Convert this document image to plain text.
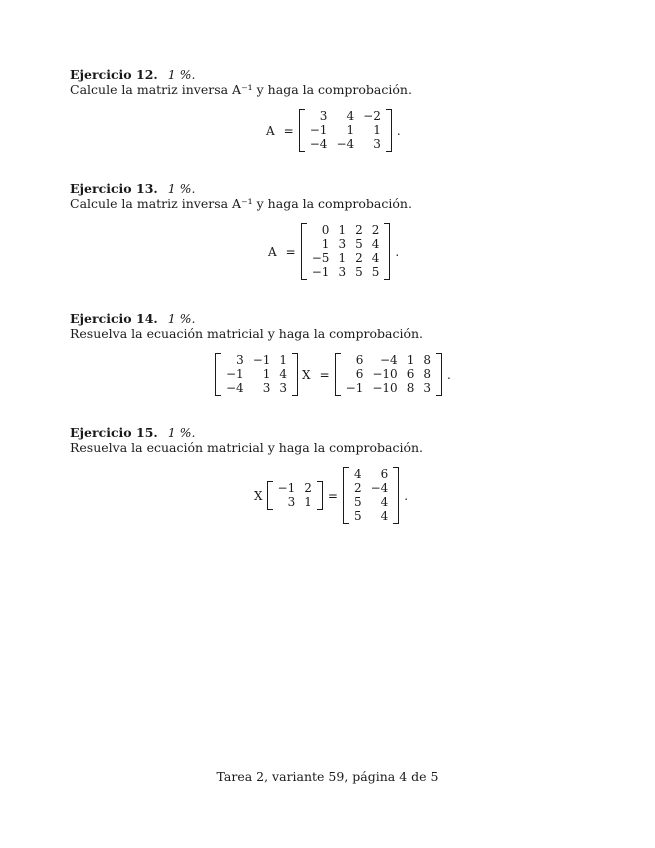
Ejercicio 12. 1 %.
Calcule la matriz inversa A⁻¹ y haga la comprobación.
A =
3	4 −2
−1	1	1
−4 −4	3
.
Ejercicio 13. 1 %.
Calcule la matriz inversa A⁻¹ y haga la comprobación.
A =
0 1 2 2
1 3 5 4
−5 1 2 4
−1 3 5 5
.
Ejercicio 14. 1 %.
Resuelva la ecuación matricial y haga la comprobación.
3 −1 1
−1	1 4
−4	3 3
X =
6	−4 1 8
6 −10 6 8
−1 −10 8 3
.
Ejercicio 15. 1 %.
Resuelva la ecuación matricial y haga la comprobación.
X
−1 2
3 1 =
4	6
2 −4
5	4
5	4
.
Tarea 2, variante 59, página 4 de 5
